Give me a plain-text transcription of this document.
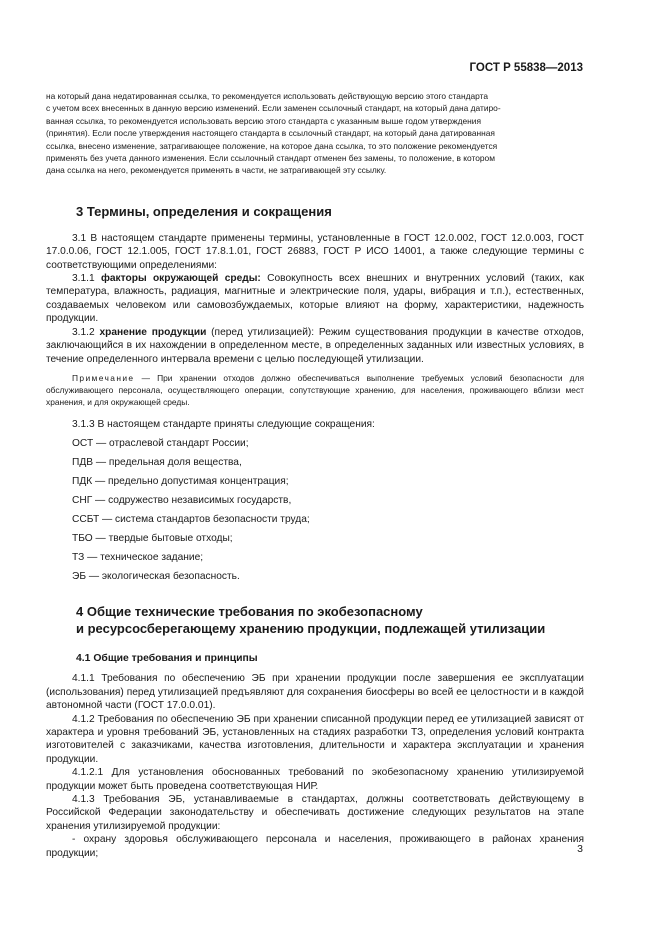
ГОСТ Р 55838—2013
на который дана недатированная ссылка, то рекомендуется использовать действующую версию этого стандарта
с учетом всех внесенных в данную версию изменений. Если заменен ссылочный стандарт, на который дана датиро-
ванная ссылка, то рекомендуется использовать версию этого стандарта с указанным выше годом утверждения
(принятия). Если после утверждения настоящего стандарта в ссылочный стандарт, на который дана датированная
ссылка, внесено изменение, затрагивающее положение, на которое дана ссылка, то это положение рекомендуется
применять без учета данного изменения. Если ссылочный стандарт отменен без замены, то положение, в котором
дана ссылка на него, рекомендуется применять в части, не затрагивающей эту ссылку.

3 Термины, определения и сокращения

3.1 В настоящем стандарте применены термины, установленные в ГОСТ 12.0.002, ГОСТ 12.0.003, ГОСТ 17.0.0.06, ГОСТ 12.1.005, ГОСТ 17.8.1.01, ГОСТ 26883, ГОСТ Р ИСО 14001, а также следующие термины с соответствующими определениями:

3.1.1 факторы окружающей среды: Совокупность всех внешних и внутренних условий (таких, как температура, влажность, радиация, магнитные и электрические поля, удары, вибрация и т.п.), естественных, создаваемых человеком или самовозбуждаемых, которые влияют на форму, характеристики, надежность продукции.

3.1.2 хранение продукции (перед утилизацией): Режим существования продукции в качестве отходов, заключающийся в их нахождении в определенном месте, в определенных заданных или известных условиях, в течение определенного интервала времени с целью последующей утилизации.

Примечание — При хранении отходов должно обеспечиваться выполнение требуемых условий безопасности для обслуживающего персонала, осуществляющего операции, сопутствующие хранению, для населения, проживающего вблизи мест хранения, и для окружающей среды.

3.1.3 В настоящем стандарте приняты следующие сокращения:

ОСТ — отраслевой стандарт России;

ПДВ — предельная доля вещества,

ПДК — предельно допустимая концентрация;

СНГ — содружество независимых государств,

ССБТ — система стандартов безопасности труда;

ТБО — твердые бытовые отходы;

ТЗ — техническое задание;

ЭБ — экологическая безопасность.

4 Общие технические требования по экобезопасному

и ресурсосберегающему хранению продукции, подлежащей утилизации

4.1 Общие требования и принципы

4.1.1 Требования по обеспечению ЭБ при хранении продукции после завершения ее эксплуатации (использования) перед утилизацией предъявляют для сохранения биосферы во всей ее целостности и в каждой автономной части (ГОСТ 17.0.0.01).

4.1.2 Требования по обеспечению ЭБ при хранении списанной продукции перед ее утилизацией зависят от характера и уровня требований ЭБ, установленных на стадиях разработки ТЗ, определения условий контракта изготовителей с заказчиками, качества изготовления, длительности и характера эксплуатации и хранения продукции.

4.1.2.1 Для установления обоснованных требований по экобезопасному хранению утилизируемой продукции может быть проведена соответствующая НИР.

4.1.3 Требования ЭБ, устанавливаемые в стандартах, должны соответствовать действующему в Российской Федерации законодательству и обеспечивать достижение следующих результатов на этапе хранения утилизируемой продукции:

- охрану здоровья обслуживающего персонала и населения, проживающего в районах хранения продукции;	3
